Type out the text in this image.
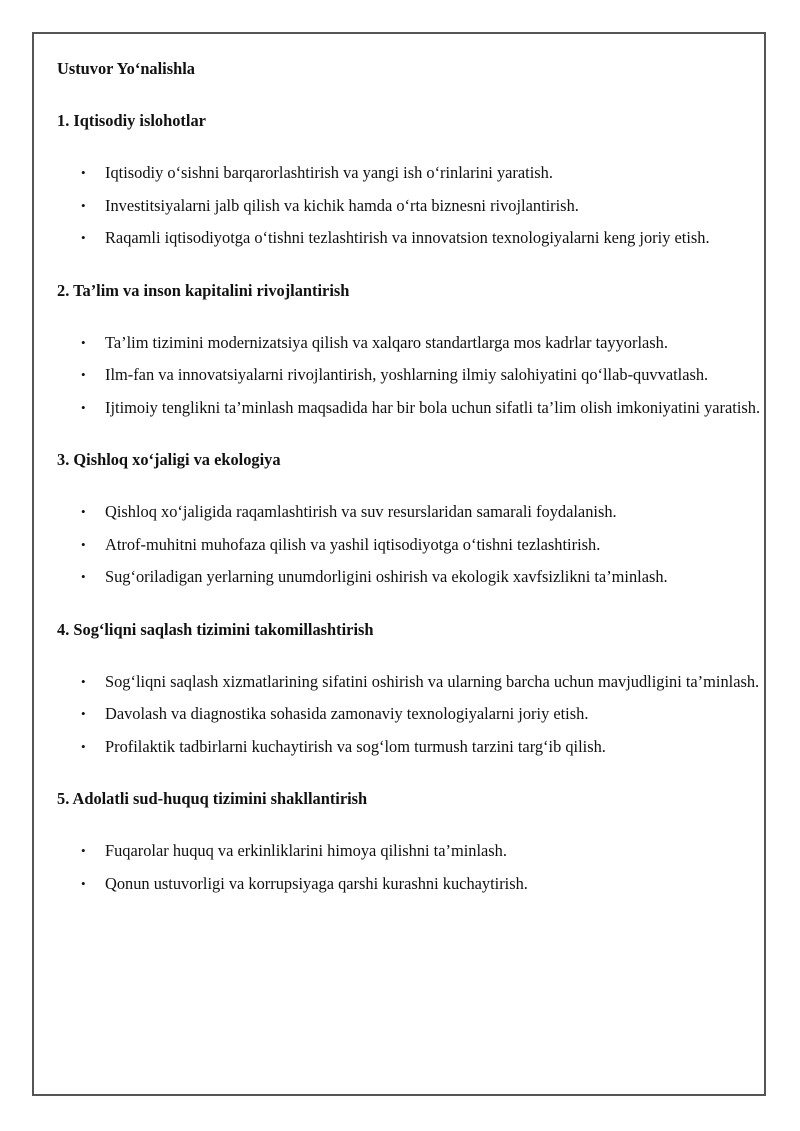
Ustuvor Yo‘nalishla

1. Iqtisodiy islohotlar

• Iqtisodiy o‘sishni barqarorlashtirish va yangi ish o‘rinlarini yaratish.
• Investitsiyalarni jalb qilish va kichik hamda o‘rta biznesni rivojlantirish.
• Raqamli iqtisodiyotga o‘tishni tezlashtirish va innovatsion texnologiyalarni keng joriy etish.

2. Ta’lim va inson kapitalini rivojlantirish

• Ta’lim tizimini modernizatsiya qilish va xalqaro standartlarga mos kadrlar tayyorlash.
• Ilm-fan va innovatsiyalarni rivojlantirish, yoshlarning ilmiy salohiyatini qo‘llab-quvvatlash.
• Ijtimoiy tenglikni ta’minlash maqsadida har bir bola uchun sifatli ta’lim olish imkoniyatini yaratish.

3. Qishloq xo‘jaligi va ekologiya

• Qishloq xo‘jaligida raqamlashtirish va suv resurslaridan samarali foydalanish.
• Atrof-muhitni muhofaza qilish va yashil iqtisodiyotga o‘tishni tezlashtirish.
• Sug‘oriladigan yerlarning unumdorligini oshirish va ekologik xavfsizlikni ta’minlash.

4. Sog‘liqni saqlash tizimini takomillashtirish

• Sog‘liqni saqlash xizmatlarining sifatini oshirish va ularning barcha uchun mavjudligini ta’minlash.
• Davolash va diagnostika sohasida zamonaviy texnologiyalarni joriy etish.
• Profilaktik tadbirlarni kuchaytirish va sog‘lom turmush tarzini targ‘ib qilish.

5. Adolatli sud-huquq tizimini shakllantirish

• Fuqarolar huquq va erkinliklarini himoya qilishni ta’minlash.
• Qonun ustuvorligi va korrupsiyaga qarshi kurashni kuchaytirish.
